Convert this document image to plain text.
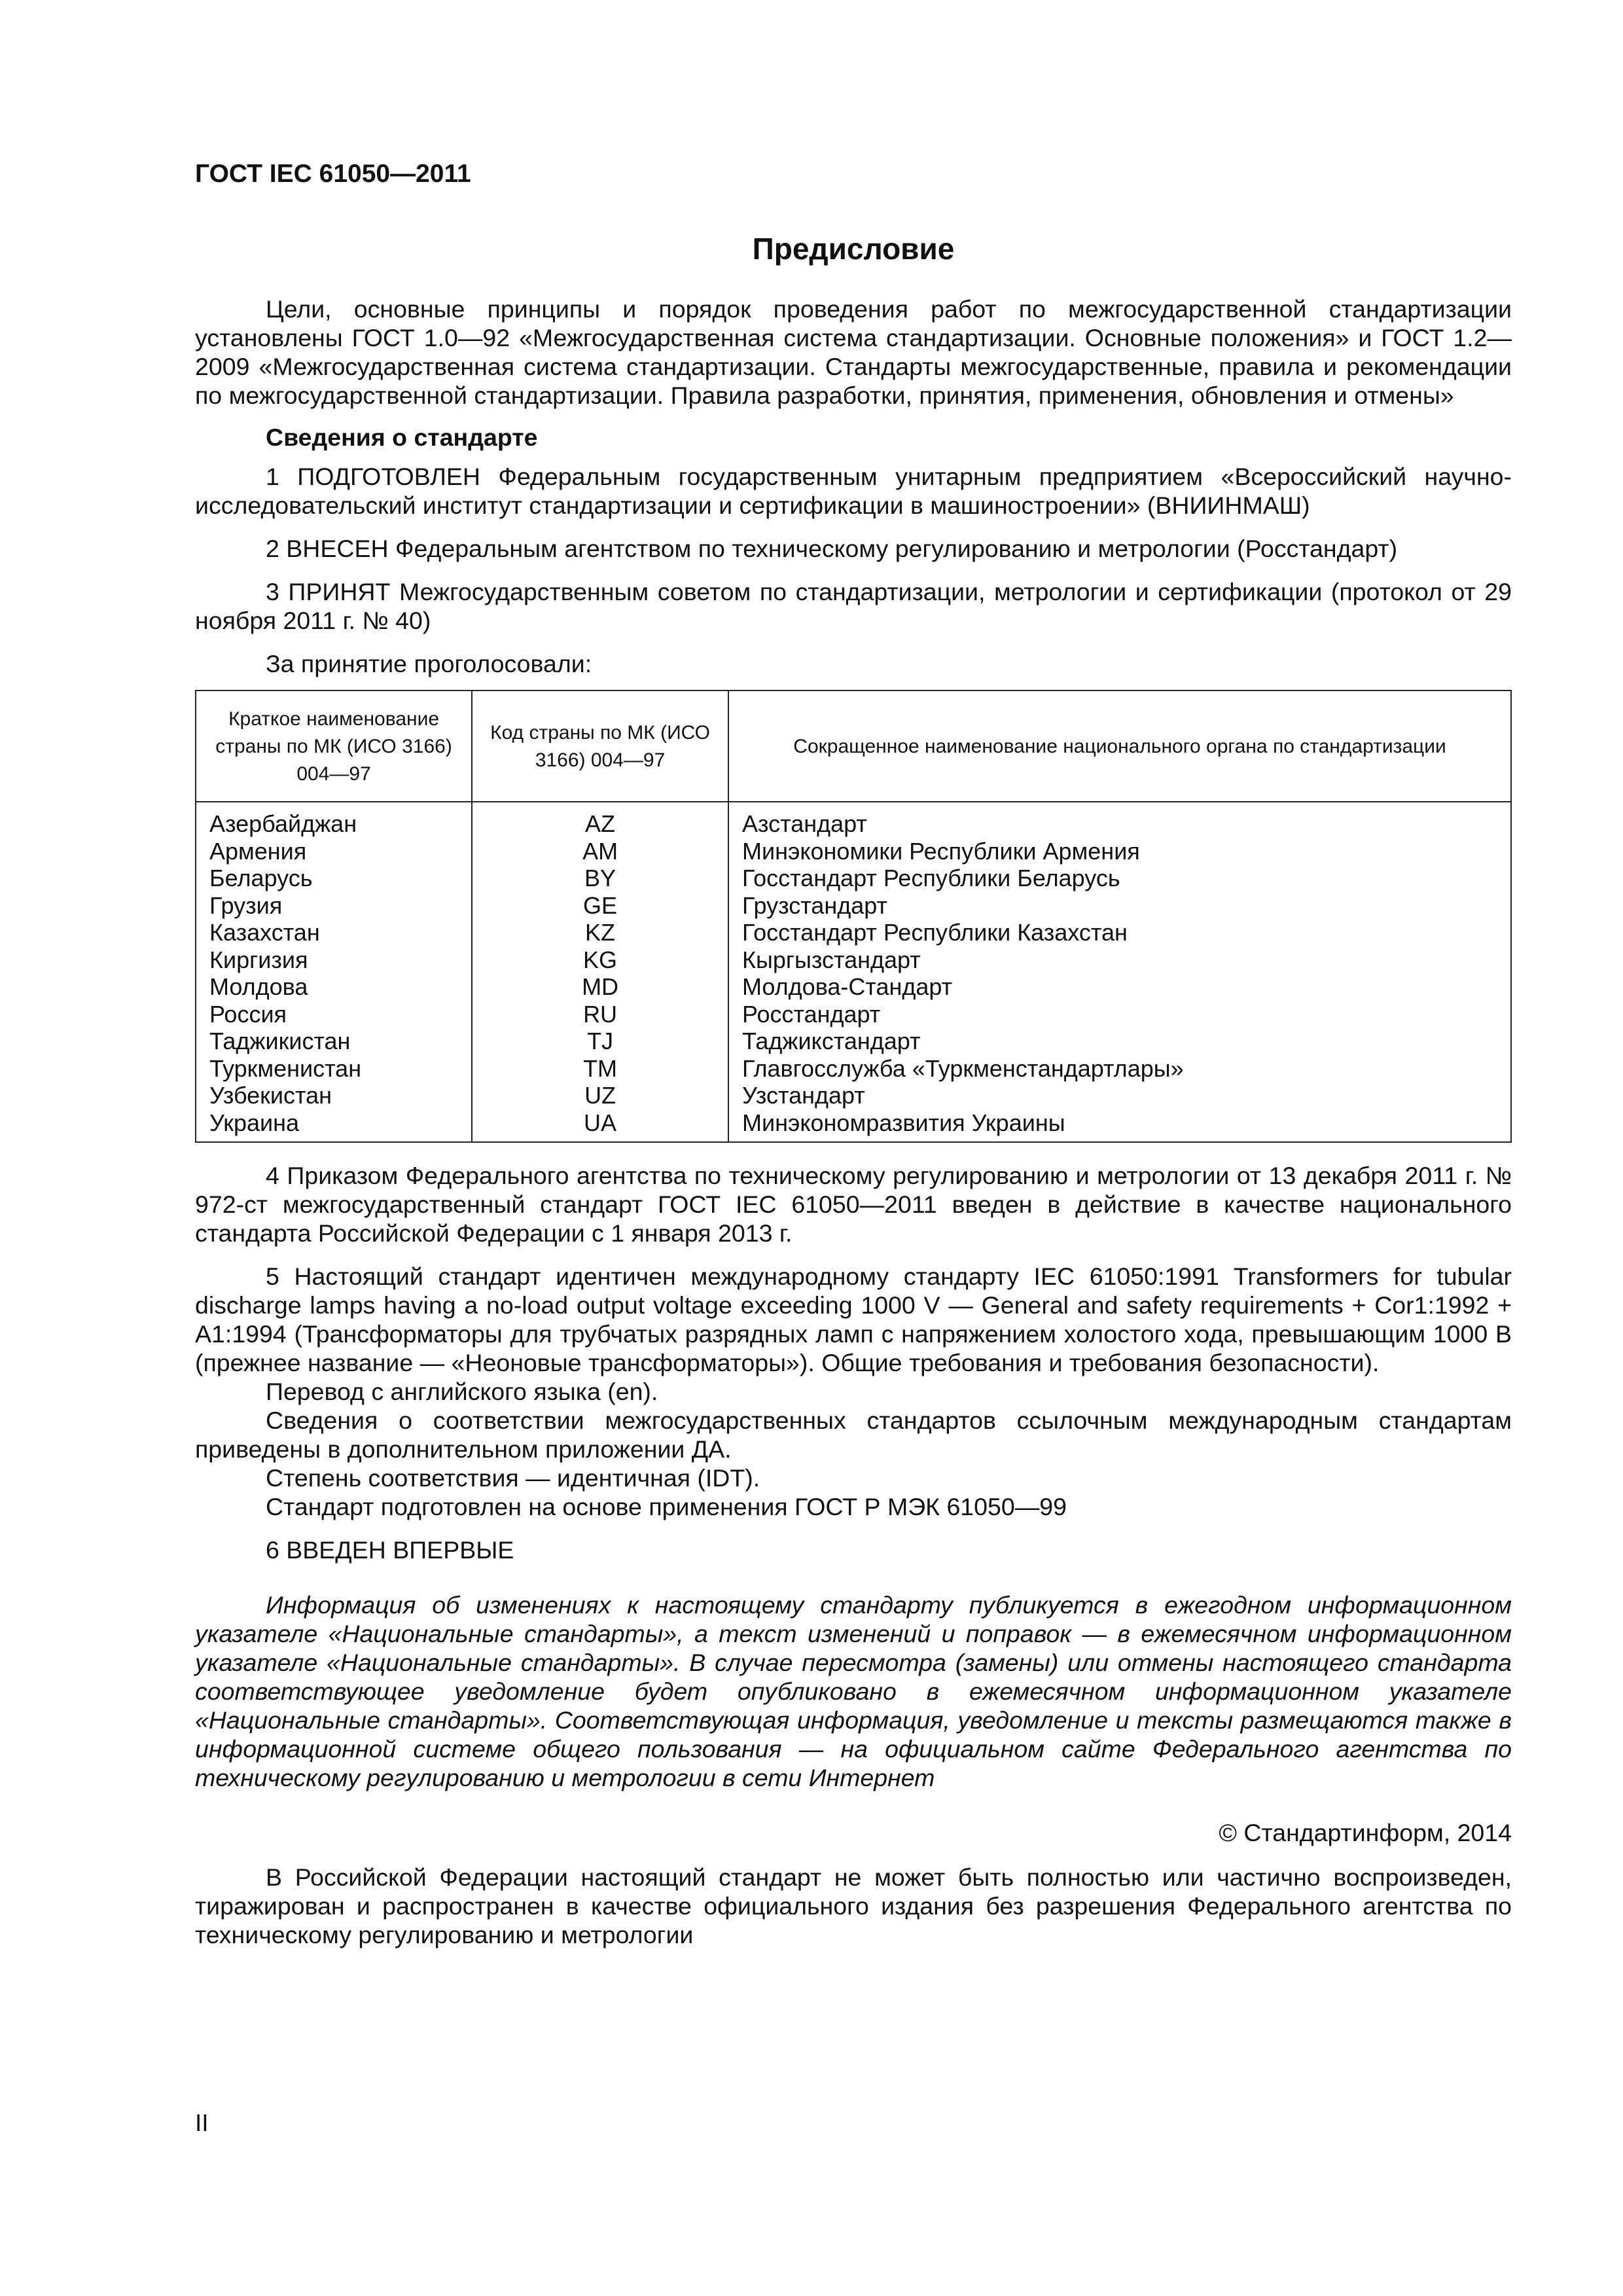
ГОСТ IEC 61050—2011
Предисловие

Цели, основные принципы и порядок проведения работ по межгосударственной стандартизации установлены ГОСТ 1.0—92 «Межгосударственная система стандартизации. Основные положения» и ГОСТ 1.2—2009 «Межгосударственная система стандартизации. Стандарты межгосударственные, правила и рекомендации по межгосударственной стандартизации. Правила разработки, принятия, применения, обновления и отмены»

Сведения о стандарте

1 ПОДГОТОВЛЕН Федеральным государственным унитарным предприятием «Всероссийский научно-исследовательский институт стандартизации и сертификации в машиностроении» (ВНИИНМАШ)

2 ВНЕСЕН Федеральным агентством по техническому регулированию и метрологии (Росстандарт)

3 ПРИНЯТ Межгосударственным советом по стандартизации, метрологии и сертификации (протокол от 29 ноября 2011 г. № 40)

За принятие проголосовали:

Краткое наименование страны по МК (ИСО 3166) 004—97	Код страны по МК (ИСО 3166) 004—97	Сокращенное наименование национального органа по стандартизации
Азербайджан	AZ	Азстандарт
Армения	AM	Минэкономики Республики Армения
Беларусь	BY	Госстандарт Республики Беларусь
Грузия	GE	Грузстандарт
Казахстан	KZ	Госстандарт Республики Казахстан
Киргизия	KG	Кыргызстандарт
Молдова	MD	Молдова-Стандарт
Россия	RU	Росстандарт
Таджикистан	TJ	Таджикстандарт
Туркменистан	TM	Главгосслужба «Туркменстандартлары»
Узбекистан	UZ	Узстандарт
Украина	UA	Минэкономразвития Украины

4 Приказом Федерального агентства по техническому регулированию и метрологии от 13 декабря 2011 г. № 972-ст межгосударственный стандарт ГОСТ IEC 61050—2011 введен в действие в качестве национального стандарта Российской Федерации с 1 января 2013 г.

5 Настоящий стандарт идентичен международному стандарту IEC 61050:1991 Transformers for tubular discharge lamps having a no-load output voltage exceeding 1000 V — General and safety requirements + Cor1:1992 + A1:1994 (Трансформаторы для трубчатых разрядных ламп с напряжением холостого хода, превышающим 1000 В (прежнее название — «Неоновые трансформаторы»). Общие требования и требования безопасности).

Перевод с английского языка (en).

Сведения о соответствии межгосударственных стандартов ссылочным международным стандартам приведены в дополнительном приложении ДА.

Степень соответствия — идентичная (IDT).

Стандарт подготовлен на основе применения ГОСТ Р МЭК 61050—99

6 ВВЕДЕН ВПЕРВЫЕ

Информация об изменениях к настоящему стандарту публикуется в ежегодном информационном указателе «Национальные стандарты», а текст изменений и поправок — в ежемесячном информационном указателе «Национальные стандарты». В случае пересмотра (замены) или отмены настоящего стандарта соответствующее уведомление будет опубликовано в ежемесячном информационном указателе «Национальные стандарты». Соответствующая информация, уведомление и тексты размещаются также в информационной системе общего пользования — на официальном сайте Федерального агентства по техническому регулированию и метрологии в сети Интернет

© Стандартинформ, 2014

В Российской Федерации настоящий стандарт не может быть полностью или частично воспроизведен, тиражирован и распространен в качестве официального издания без разрешения Федерального агентства по техническому регулированию и метрологии

II
